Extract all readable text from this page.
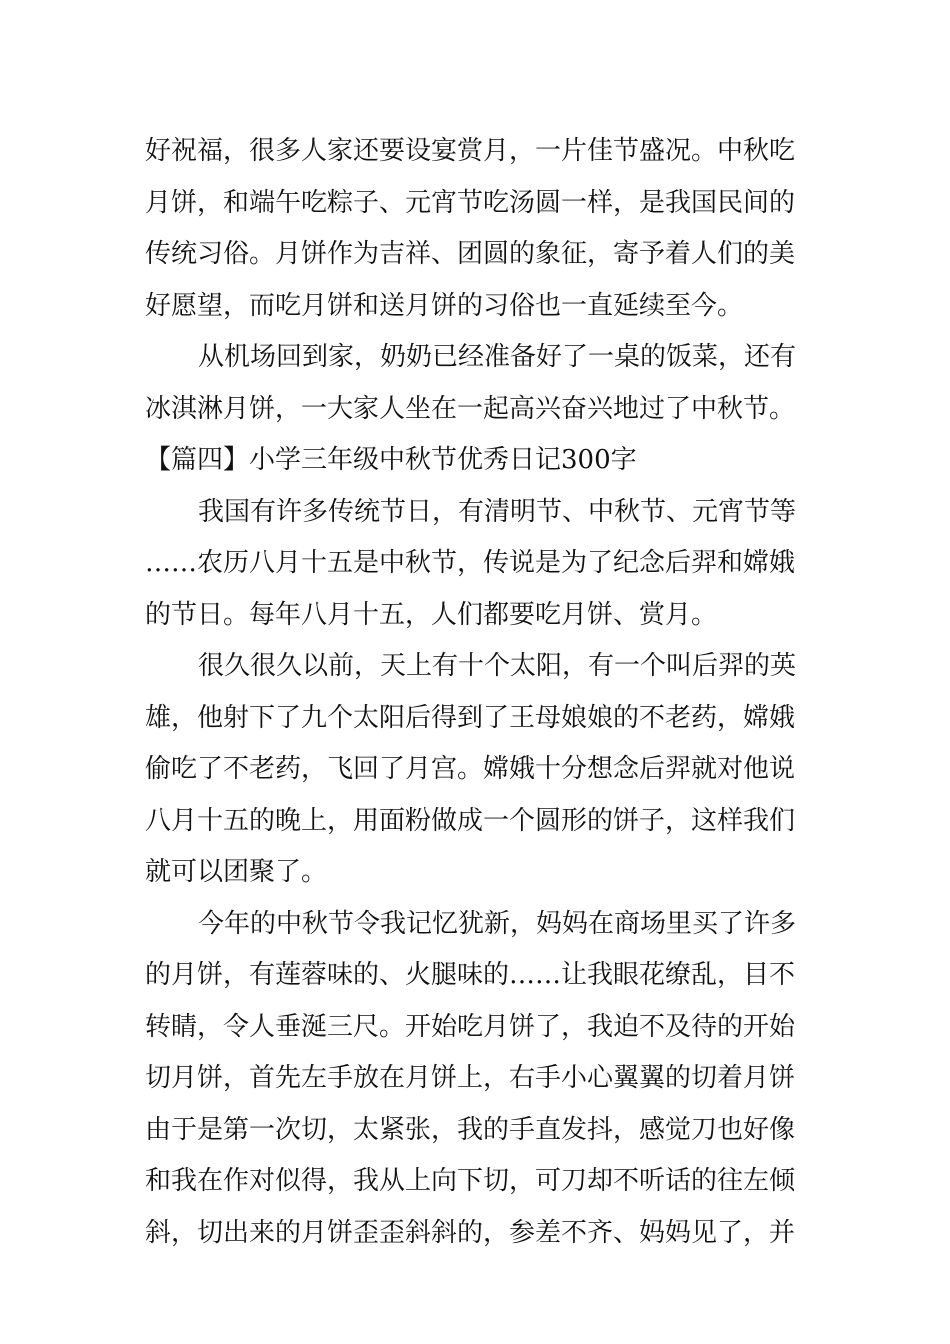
好祝福，很多人家还要设宴赏月，一片佳节盛况。中秋吃
月饼，和端午吃粽子、元宵节吃汤圆一样，是我国民间的
传统习俗。月饼作为吉祥、团圆的象征，寄予着人们的美
好愿望，而吃月饼和送月饼的习俗也一直延续至今。
从机场回到家，奶奶已经准备好了一桌的饭菜，还有
冰淇淋月饼，一大家人坐在一起高兴奋兴地过了中秋节。
【篇四】小学三年级中秋节优秀日记300字
我国有许多传统节日，有清明节、中秋节、元宵节等
……农历八月十五是中秋节，传说是为了纪念后羿和嫦娥
的节日。每年八月十五，人们都要吃月饼、赏月。
很久很久以前，天上有十个太阳，有一个叫后羿的英
雄，他射下了九个太阳后得到了王母娘娘的不老药，嫦娥
偷吃了不老药，飞回了月宫。嫦娥十分想念后羿就对他说
八月十五的晚上，用面粉做成一个圆形的饼子，这样我们
就可以团聚了。
今年的中秋节令我记忆犹新，妈妈在商场里买了许多
的月饼，有莲蓉味的、火腿味的……让我眼花缭乱，目不
转睛，令人垂涎三尺。开始吃月饼了，我迫不及待的开始
切月饼，首先左手放在月饼上，右手小心翼翼的切着月饼
由于是第一次切，太紧张，我的手直发抖，感觉刀也好像
和我在作对似得，我从上向下切，可刀却不听话的往左倾
斜，切出来的月饼歪歪斜斜的，参差不齐、妈妈见了，并
